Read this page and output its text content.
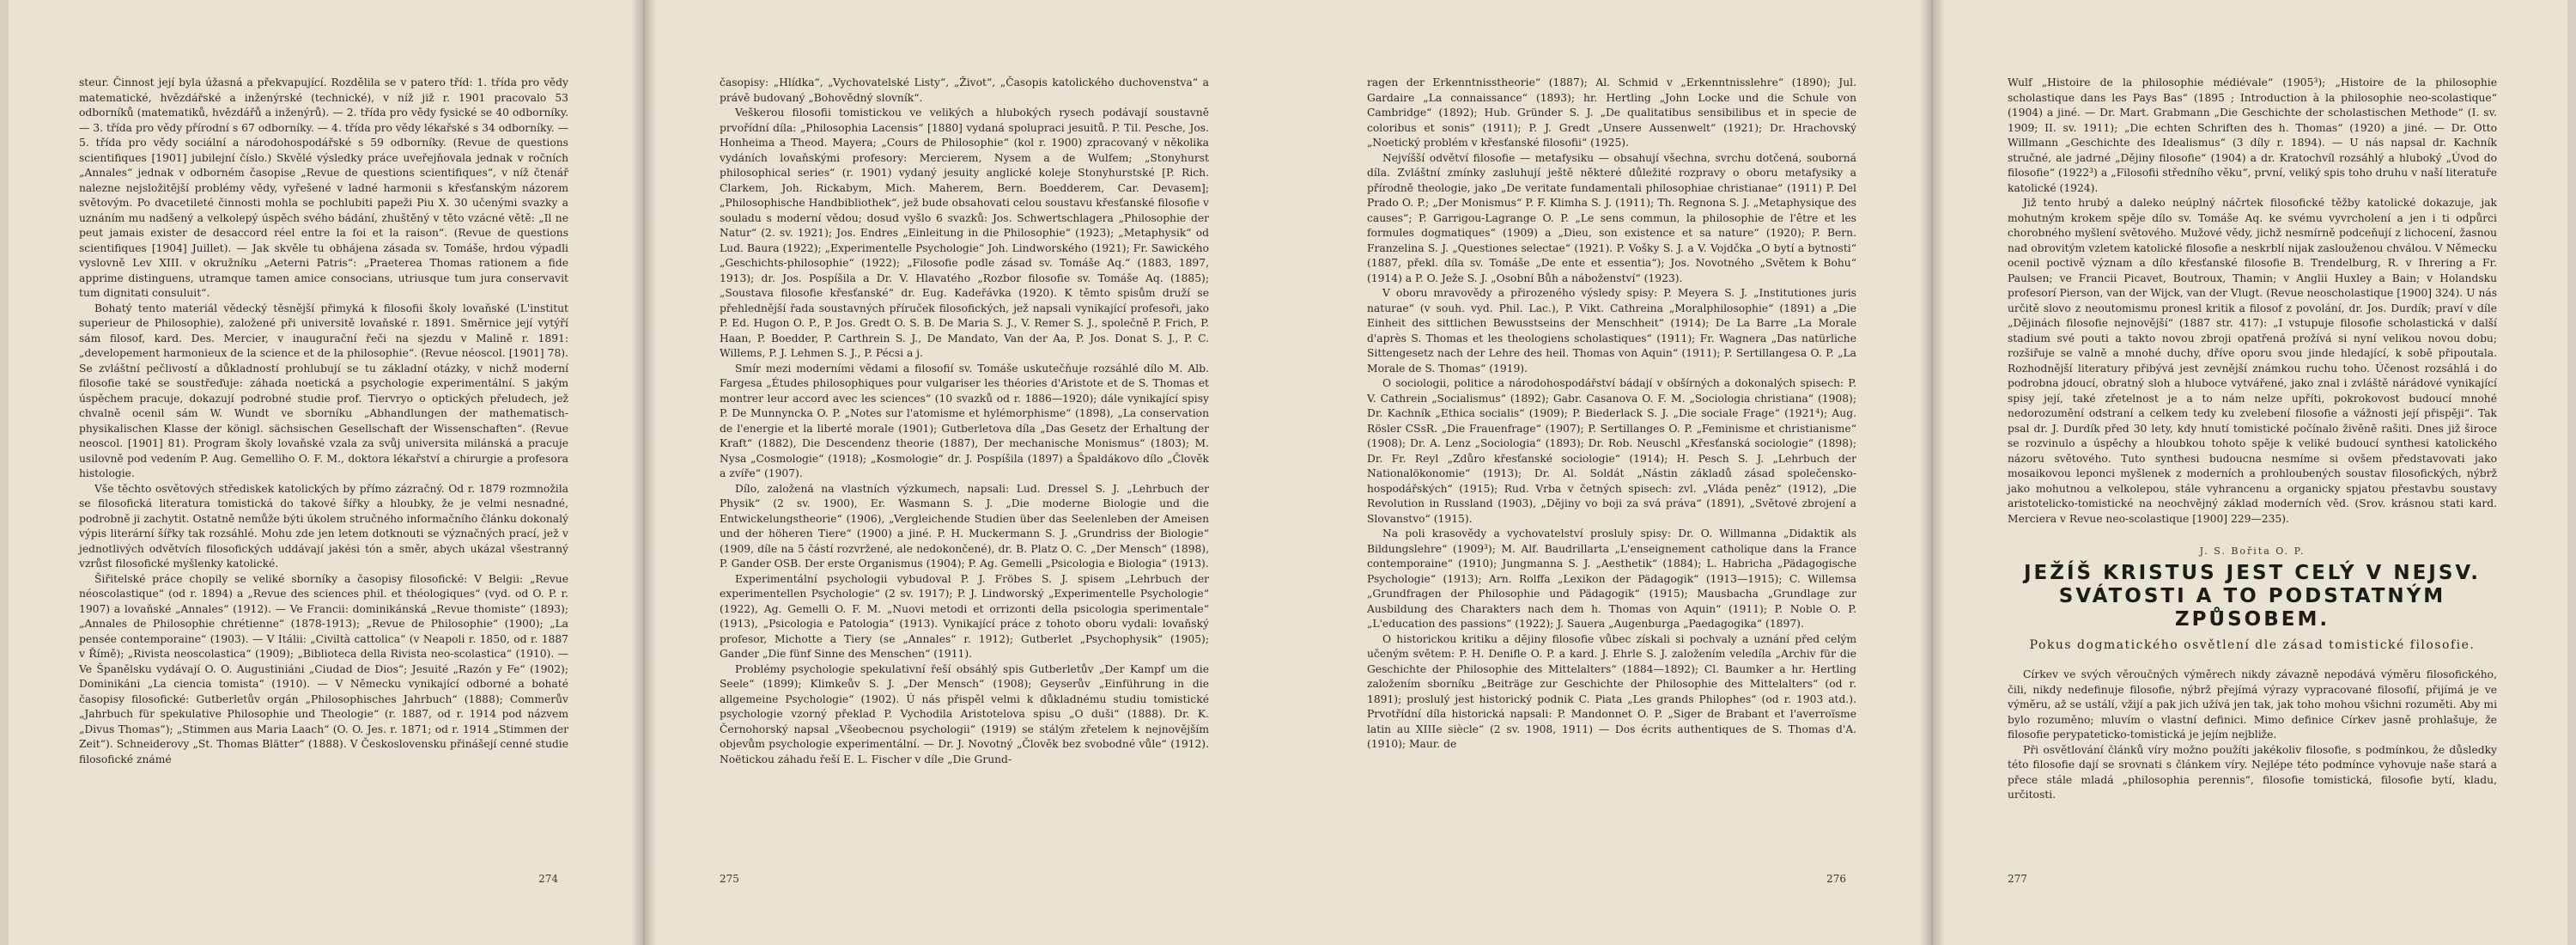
steur. Činnost její byla úžasná a překvapující. Rozdělila se v patero tříd: 1. třída pro vědy matematické, hvězdářské a inženýrské (technické), v níž již r. 1901 pracovalo 53 odborníků (matematiků, hvězdářů a inženýrů). — 2. třída pro vědy fysické se 40 odborníky. — 3. třída pro vědy přírodní s 67 odborníky. — 4. třída pro vědy lékařské s 34 odborníky. — 5. třída pro vědy sociální a národohospodářské s 59 odborníky. (Revue de questions scientifiques [1901] jubilejní číslo.) Skvělé výsledky práce uveřejňovala jednak v ročních „Annales“ jednak v odborném časopise „Revue de questions scientifiques“, v níž čtenář nalezne nejsložitější problémy vědy, vyřešené v ladné harmonii s křesťanským názorem světovým. Po dvacetileté činnosti mohla se pochlubiti papeži Piu X. 30 učenými svazky a uznáním mu nadšený a velkolepý úspěch svého bádání, zhuštěný v těto vzácné větě: „Il ne peut jamais exister de desaccord réel entre la foi et la raison“. (Revue de questions scientifiques [1904] Juillet). — Jak skvěle tu obhájena zásada sv. Tomáše, hrdou výpadli vyslovně Lev XIII. v okružníku „Aeterni Patris“: „Praeterea Thomas rationem a fide apprime distinguens, utramque tamen amice consocians, utriusque tum jura conservavit tum dignitati consuluit“.

Bohatý tento materiál vědecký těsnější přimyká k filosofii školy lovaňské (L'institut superieur de Philosophie), založené při universitě lovaňské r. 1891. Směrnice její vytýří sám filosof, kard. Des. Mercier, v inaugurační řeči na sjezdu v Malině r. 1891: „developement harmonieux de la science et de la philosophie“. (Revue néoscol. [1901] 78). Se zvláštní pečlivostí a důkladností prohlubují se tu základní otázky, v nichž moderní filosofie také se soustřeďuje: záhada noetická a psychologie experimentální. S jakým úspěchem pracuje, dokazují podrobné studie prof. Tiervryo o optických přeludech, jež chvalně ocenil sám W. Wundt ve sborníku „Abhandlungen der mathematisch-physikalischen Klasse der königl. sächsischen Gesellschaft der Wissenschaften“. (Revue neoscol. [1901] 81). Program školy lovaňské vzala za svůj universita milánská a pracuje usilovně pod vedením P. Aug. Gemelliho O. F. M., doktora lékařství a chirurgie a profesora histologie.

Vše těchto osvětových střediskek katolických by přímo zázračný. Od r. 1879 rozmnožila se filosofická literatura tomistická do takové šířky a hloubky, že je velmi nesnadné, podrobně ji zachytit. Ostatně nemůže býti úkolem stručného informačního článku dokonalý výpis literární šířky tak rozsáhlé. Mohu zde jen letem dotknouti se význačných prací, jež v jednotlivých odvětvích filosofických uddávají jakési tón a směr, abych ukázal všestranný vzrůst filosofické myšlenky katolické.

Šiřitelské práce chopily se veliké sborníky a časopisy filosofické: V Belgii: „Revue néoscolastique“ (od r. 1894) a „Revue des sciences phil. et théologiques“ (vyd. od O. P. r. 1907) a lovaňské „Annales“ (1912). — Ve Francii: dominikánská „Revue thomiste“ (1893); „Annales de Philosophie chrétienne“ (1878-1913); „Revue de Philosophie“ (1900); „La pensée contemporaine“ (1903). — V Itálii: „Civiltà cattolica“ (v Neapoli r. 1850, od r. 1887 v Římě); „Rivista neoscolastica“ (1909); „Biblioteca della Rivista neo-scolastica“ (1910). — Ve Španělsku vydávají O. O. Augustiniáni „Ciudad de Dios“; Jesuité „Razón y Fe“ (1902); Dominikáni „La ciencia tomista“ (1910). — V Německu vynikající odborné a bohaté časopisy filosofické: Gutberletův orgán „Philosophisches Jahrbuch“ (1888); Commerův „Jahrbuch für spekulative Philosophie und Theologie“ (r. 1887, od r. 1914 pod názvem „Divus Thomas“); „Stimmen aus Maria Laach“ (O. O. Jes. r. 1871; od r. 1914 „Stimmen der Zeit“). Schneiderovy „St. Thomas Blätter“ (1888). V Československu přinášejí cenné studie filosofické známé

274

časopisy: „Hlídka“, „Vychovatelské Listy“, „Život“, „Časopis katolického duchovenstva“ a právě budovaný „Bohovědný slovník“.

Veškerou filosofii tomistickou ve velikých a hlubokých rysech podávají soustavně prvořídní díla: „Philosophia Lacensis“ [1880] vydaná spolupraci jesuitů. P. Til. Pesche, Jos. Honheima a Theod. Mayera; „Cours de Philosophie“ (kol r. 1900) zpracovaný v několika vydáních lovaňskými profesory: Mercierem, Nysem a de Wulfem; „Stonyhurst philosophical series“ (r. 1901) vydaný jesuity anglické koleje Stonyhurstské [P. Rich. Clarkem, Joh. Rickabym, Mich. Maherem, Bern. Boedderem, Car. Devasem]; „Philosophische Handbibliothek“, jež bude obsahovati celou soustavu křesťanské filosofie v souladu s moderní vědou; dosud vyšlo 6 svazků: Jos. Schwertschlagera „Philosophie der Natur“ (2. sv. 1921); Jos. Endres „Einleitung in die Philosophie“ (1923); „Metaphysik“ od Lud. Baura (1922); „Experimentelle Psychologie“ Joh. Lindworského (1921); Fr. Sawického „Geschichts-philosophie“ (1922); „Filosofie podle zásad sv. Tomáše Aq.“ (1883, 1897, 1913); dr. Jos. Pospíšila a Dr. V. Hlavatého „Rozbor filosofie sv. Tomáše Aq. (1885); „Soustava filosofie křesťanské“ dr. Eug. Kadeřávka (1920). K těmto spisům druží se přehlednější řada soustavných příruček filosofických, jež napsali vynikající profesoři, jako P. Ed. Hugon O. P., P. Jos. Gredt O. S. B. De Maria S. J., V. Remer S. J., společně P. Frich, P. Haan, P. Boedder, P. Carthrein S. J., De Mandato, Van der Aa, P. Jos. Donat S. J., P. C. Willems, P. J. Lehmen S. J., P. Pécsi a j.

Smír mezi moderními vědami a filosofií sv. Tomáše uskutečňuje rozsáhlé dílo M. Alb. Fargesa „Études philosophiques pour vulgariser les théories d'Aristote et de S. Thomas et montrer leur accord avec les sciences“ (10 svazků od r. 1886—1920); dále vynikající spisy P. De Munnyncka O. P. „Notes sur l'atomisme et hylémorphisme“ (1898), „La conservation de l'energie et la liberté morale (1901); Gutberletova díla „Das Gesetz der Erhaltung der Kraft“ (1882), Die Descendenz theorie (1887), Der mechanische Monismus“ (1803); M. Nysa „Cosmologie“ (1918); „Kosmologie“ dr. J. Pospíšila (1897) a Špaldákovo dílo „Člověk a zvíře“ (1907).

Dílo, založená na vlastních výzkumech, napsali: Lud. Dressel S. J. „Lehrbuch der Physik“ (2 sv. 1900), Er. Wasmann S. J. „Die moderne Biologie und die Entwickelungstheorie“ (1906), „Vergleichende Studien über das Seelenleben der Ameisen und der höheren Tiere“ (1900) a jiné. P. H. Muckermann S. J. „Grundriss der Biologie“ (1909, díle na 5 částí rozvržené, ale nedokončené), dr. B. Platz O. C. „Der Mensch“ (1898), P. Gander OSB. Der erste Organismus (1904); P. Ag. Gemelli „Psicologia e Biologia“ (1913).

Experimentální psychologii vybudoval P. J. Fröbes S. J. spisem „Lehrbuch der experimentellen Psychologie“ (2 sv. 1917); P. J. Lindworský „Experimentelle Psychologie“ (1922), Ag. Gemelli O. F. M. „Nuovi metodi et orrizonti della psicologia sperimentale“ (1913), „Psicologia e Patologia“ (1913). Vynikající práce z tohoto oboru vydali: lovaňský profesor, Michotte a Tiery (se „Annales“ r. 1912); Gutberlet „Psychophysik“ (1905); Gander „Die fünf Sinne des Menschen“ (1911).

Problémy psychologie spekulativní řeší obsáhlý spis Gutberletův „Der Kampf um die Seele“ (1899); Klimkeův S. J. „Der Mensch“ (1908); Geyserův „Einführung in die allgemeine Psychologie“ (1902). Ú nás přispěl velmi k důkladnému studiu tomistické psychologie vzorný překlad P. Vychodila Aristotelova spisu „O duši“ (1888). Dr. K. Černohorský napsal „Všeobecnou psychologii“ (1919) se stálým zřetelem k nejnovějším objevům psychologie experimentální. — Dr. J. Novotný „Člověk bez svobodné vůle“ (1912). Noëtickou záhadu řeší E. L. Fischer v díle „Die Grund-

275

ragen der Erkenntnisstheorie“ (1887); Al. Schmid v „Erkenntnisslehre“ (1890); Jul. Gardaire „La connaissance“ (1893); hr. Hertling „John Locke und die Schule von Cambridge“ (1892); Hub. Gründer S. J. „De qualitatibus sensibilibus et in specie de coloribus et sonis“ (1911); P. J. Gredt „Unsere Aussenwelt“ (1921); Dr. Hrachovský „Noetický problém v křesťanské filosofii“ (1925).

Nejvíšší odvětví filosofie — metafysiku — obsahují všechna, svrchu dotčená, souborná díla. Zvláštní zmínky zasluhují ještě některé důležité rozpravy o oboru metafysiky a přírodně theologie, jako „De veritate fundamentali philosophiae christianae“ (1911) P. Del Prado O. P.; „Der Monismus“ P. F. Klimha S. J. (1911); Th. Regnona S. J. „Metaphysique des causes“; P. Garrigou-Lagrange O. P. „Le sens commun, la philosophie de l'être et les formules dogmatiques“ (1909) a „Dieu, son existence et sa nature“ (1920); P. Bern. Franzelina S. J. „Questiones selectae“ (1921). P. Vošky S. J. a V. Vojdčka „O bytí a bytnosti“ (1887, překl. díla sv. Tomáše „De ente et essentia“); Jos. Novotného „Světem k Bohu“ (1914) a P. O. Ježe S. J. „Osobní Bůh a náboženství“ (1923).

V oboru mravovědy a přirozeného výsledy spisy: P. Meyera S. J. „Institutiones juris naturae“ (v souh. vyd. Phil. Lac.), P. Vikt. Cathreina „Moralphilosophie“ (1891) a „Die Einheit des sittlichen Bewusstseins der Menschheit“ (1914); De La Barre „La Morale d'après S. Thomas et les theologiens scholastiques“ (1911); Fr. Wagnera „Das natürliche Sittengesetz nach der Lehre des heil. Thomas von Aquin“ (1911); P. Sertillangesa O. P. „La Morale de S. Thomas“ (1919).

O sociologii, politice a národohospodářství bádají v obšírných a dokonalých spisech: P. V. Cathrein „Socialismus“ (1892); Gabr. Casanova O. F. M. „Sociologia christiana“ (1908); Dr. Kachník „Ethica socialis“ (1909); P. Biederlack S. J. „Die sociale Frage“ (1921⁴); Aug. Rösler CSsR. „Die Frauenfrage“ (1907); P. Sertillanges O. P. „Feminisme et christianisme“ (1908); Dr. A. Lenz „Sociologia“ (1893); Dr. Rob. Neuschl „Křesťanská sociologie“ (1898); Dr. Fr. Reyl „Zdůro křesťanské sociologie“ (1914); H. Pesch S. J. „Lehrbuch der Nationalökonomie“ (1913); Dr. Al. Soldát „Nástin základů zásad společensko-hospodářských“ (1915); Rud. Vrba v četných spisech: zvl. „Vláda peněz“ (1912), „Die Revolution in Russland (1903), „Dějiny vo boji za svá práva“ (1891), „Světové zbrojení a Slovanstvo“ (1915).

Na poli krasovědy a vychovatelství prosluly spisy: Dr. O. Willmanna „Didaktik als Bildungslehre“ (1909³); M. Alf. Baudrillarta „L'enseignement catholique dans la France contemporaine“ (1910); Jungmanna S. J. „Aesthetik“ (1884); L. Habricha „Pädagogische Psychologie“ (1913); Arn. Rolffa „Lexikon der Pädagogik“ (1913—1915); C. Willemsa „Grundfragen der Philosophie und Pädagogik“ (1915); Mausbacha „Grundlage zur Ausbildung des Charakters nach dem h. Thomas von Aquin“ (1911); P. Noble O. P. „L'education des passions“ (1922); J. Sauera „Augenburga „Paedagogika“ (1897).

O historickou kritiku a dějiny filosofie vůbec získali si pochvaly a uznání před celým učeným světem: P. H. Denifle O. P. a kard. J. Ehrle S. J. založením veledíla „Archiv für die Geschichte der Philosophie des Mittelalters“ (1884—1892); Cl. Baumker a hr. Hertling založením sborníku „Beiträge zur Geschichte der Philosophie des Mittelalters“ (od r. 1891); proslulý jest historický podnik C. Piata „Les grands Philophes“ (od r. 1903 atd.). Prvotřídní díla historická napsali: P. Mandonnet O. P. „Siger de Brabant et l'averroïsme latin au XIIIe siècle“ (2 sv. 1908, 1911) — Dos écrits authentiques de S. Thomas d'A. (1910); Maur. de

276

Wulf „Histoire de la philosophie médiévale“ (1905³); „Histoire de la philosophie scholastique dans les Pays Bas“ (1895 ; Introduction à la philosophie neo-scolastique“ (1904) a jiné. — Dr. Mart. Grabmann „Die Geschichte der scholastischen Methode“ (I. sv. 1909; II. sv. 1911); „Die echten Schriften des h. Thomas“ (1920) a jiné. — Dr. Otto Willmann „Geschichte des Idealismus“ (3 díly r. 1894). — U nás napsal dr. Kachník stručné, ale jadrné „Dějiny filosofie“ (1904) a dr. Kratochvíl rozsáhlý a hluboký „Úvod do filosofie“ (1922³) a „Filosofii středního věku“, první, veliký spis toho druhu v naší literatuře katolické (1924).

Již tento hrubý a daleko neúplný náčrtek filosofické těžby katolické dokazuje, jak mohutným krokem spěje dílo sv. Tomáše Aq. ke svému vyvrcholení a jen i ti odpůrci chorobného myšlení světového. Mužové vědy, jichž nesmírně podceňují z lichocení, žasnou nad obrovitým vzletem katolické filosofie a neskrblí nijak zaslouženou chválou. V Německu ocenil poctivě význam a dílo křesťanské filosofie B. Trendelburg, R. v Ihrering a Fr. Paulsen; ve Francii Picavet, Boutroux, Thamin; v Anglii Huxley a Bain; v Holandsku profesorí Pierson, van der Wijck, van der Vlugt. (Revue neoscholastique [1900] 324). U nás určitě slovo z neoutomismu pronesl kritik a filosof z povolání, dr. Jos. Durdík; praví v díle „Dějinách filosofie nejnovější“ (1887 str. 417): „I vstupuje filosofie scholastická v další stadium své pouti a takto novou zbroji opatřená prožívá si nyní velikou novou dobu; rozšiřuje se valně a mnohé duchy, dříve oporu svou jinde hledající, k sobě připoutala. Rozhodnější literatury přibývá jest zevnější známkou ruchu toho. Účenost rozsáhlá i do podrobna jdoucí, obratný sloh a hluboce vytvářené, jako znal i zvláště nárádové vynikající spisy její, také zřetelnost je a to nám nelze upříti, pokrokovost budoucí mnohé nedorozumění odstraní a celkem tedy ku zvelebení filosofie a vážnosti její přispěji“. Tak psal dr. J. Durdík před 30 lety, kdy hnutí tomistické počínalo živěně rašiti. Dnes již široce se rozvinulo a úspěchy a hloubkou tohoto spěje k veliké budoucí synthesi katolického názoru světového. Tuto synthesi budoucna nesmíme si ovšem představovati jako mosaikovou leponci myšlenek z moderních a prohloubených soustav filosofických, nýbrž jako mohutnou a velkolepou, stále vyhrancenu a organicky spjatou přestavbu soustavy aristotelicko-tomistické na neochvějný základ moderních věd. (Srov. krásnou stati kard. Merciera v Revue neo-scolastique [1900] 229—235).

J. S. Bořita O. P.
JEŽÍŠ KRISTUS JEST CELÝ V NEJSV. SVÁTOSTI A TO PODSTATNÝM ZPŮSOBEM.
Pokus dogmatického osvětlení dle zásad tomistické filosofie.

Církev ve svých věroučných výměrech nikdy závazně nepodává výměru filosofického, čili, nikdy nedefinuje filosofie, nýbrž přejímá výrazy vypracované filosofií, přijímá je ve výměru, až se ustálí, vžijí a pak jich užívá jen tak, jak toho mohou všichni rozuměti. Aby mi bylo rozuměno; mluvím o vlastní definici. Mimo definice Církev jasně prohlašuje, že filosofie perypateticko-tomistická je jejím nejbliže.

Při osvětlování článků víry možno použíti jakékoliv filosofie, s podmínkou, že důsledky této filosofie dají se srovnati s článkem víry. Nejlépe této podmínce vyhovuje naše stará a přece stále mladá „philosophia perennis“, filosofie tomistická, filosofie bytí, kladu, určitosti.

277
